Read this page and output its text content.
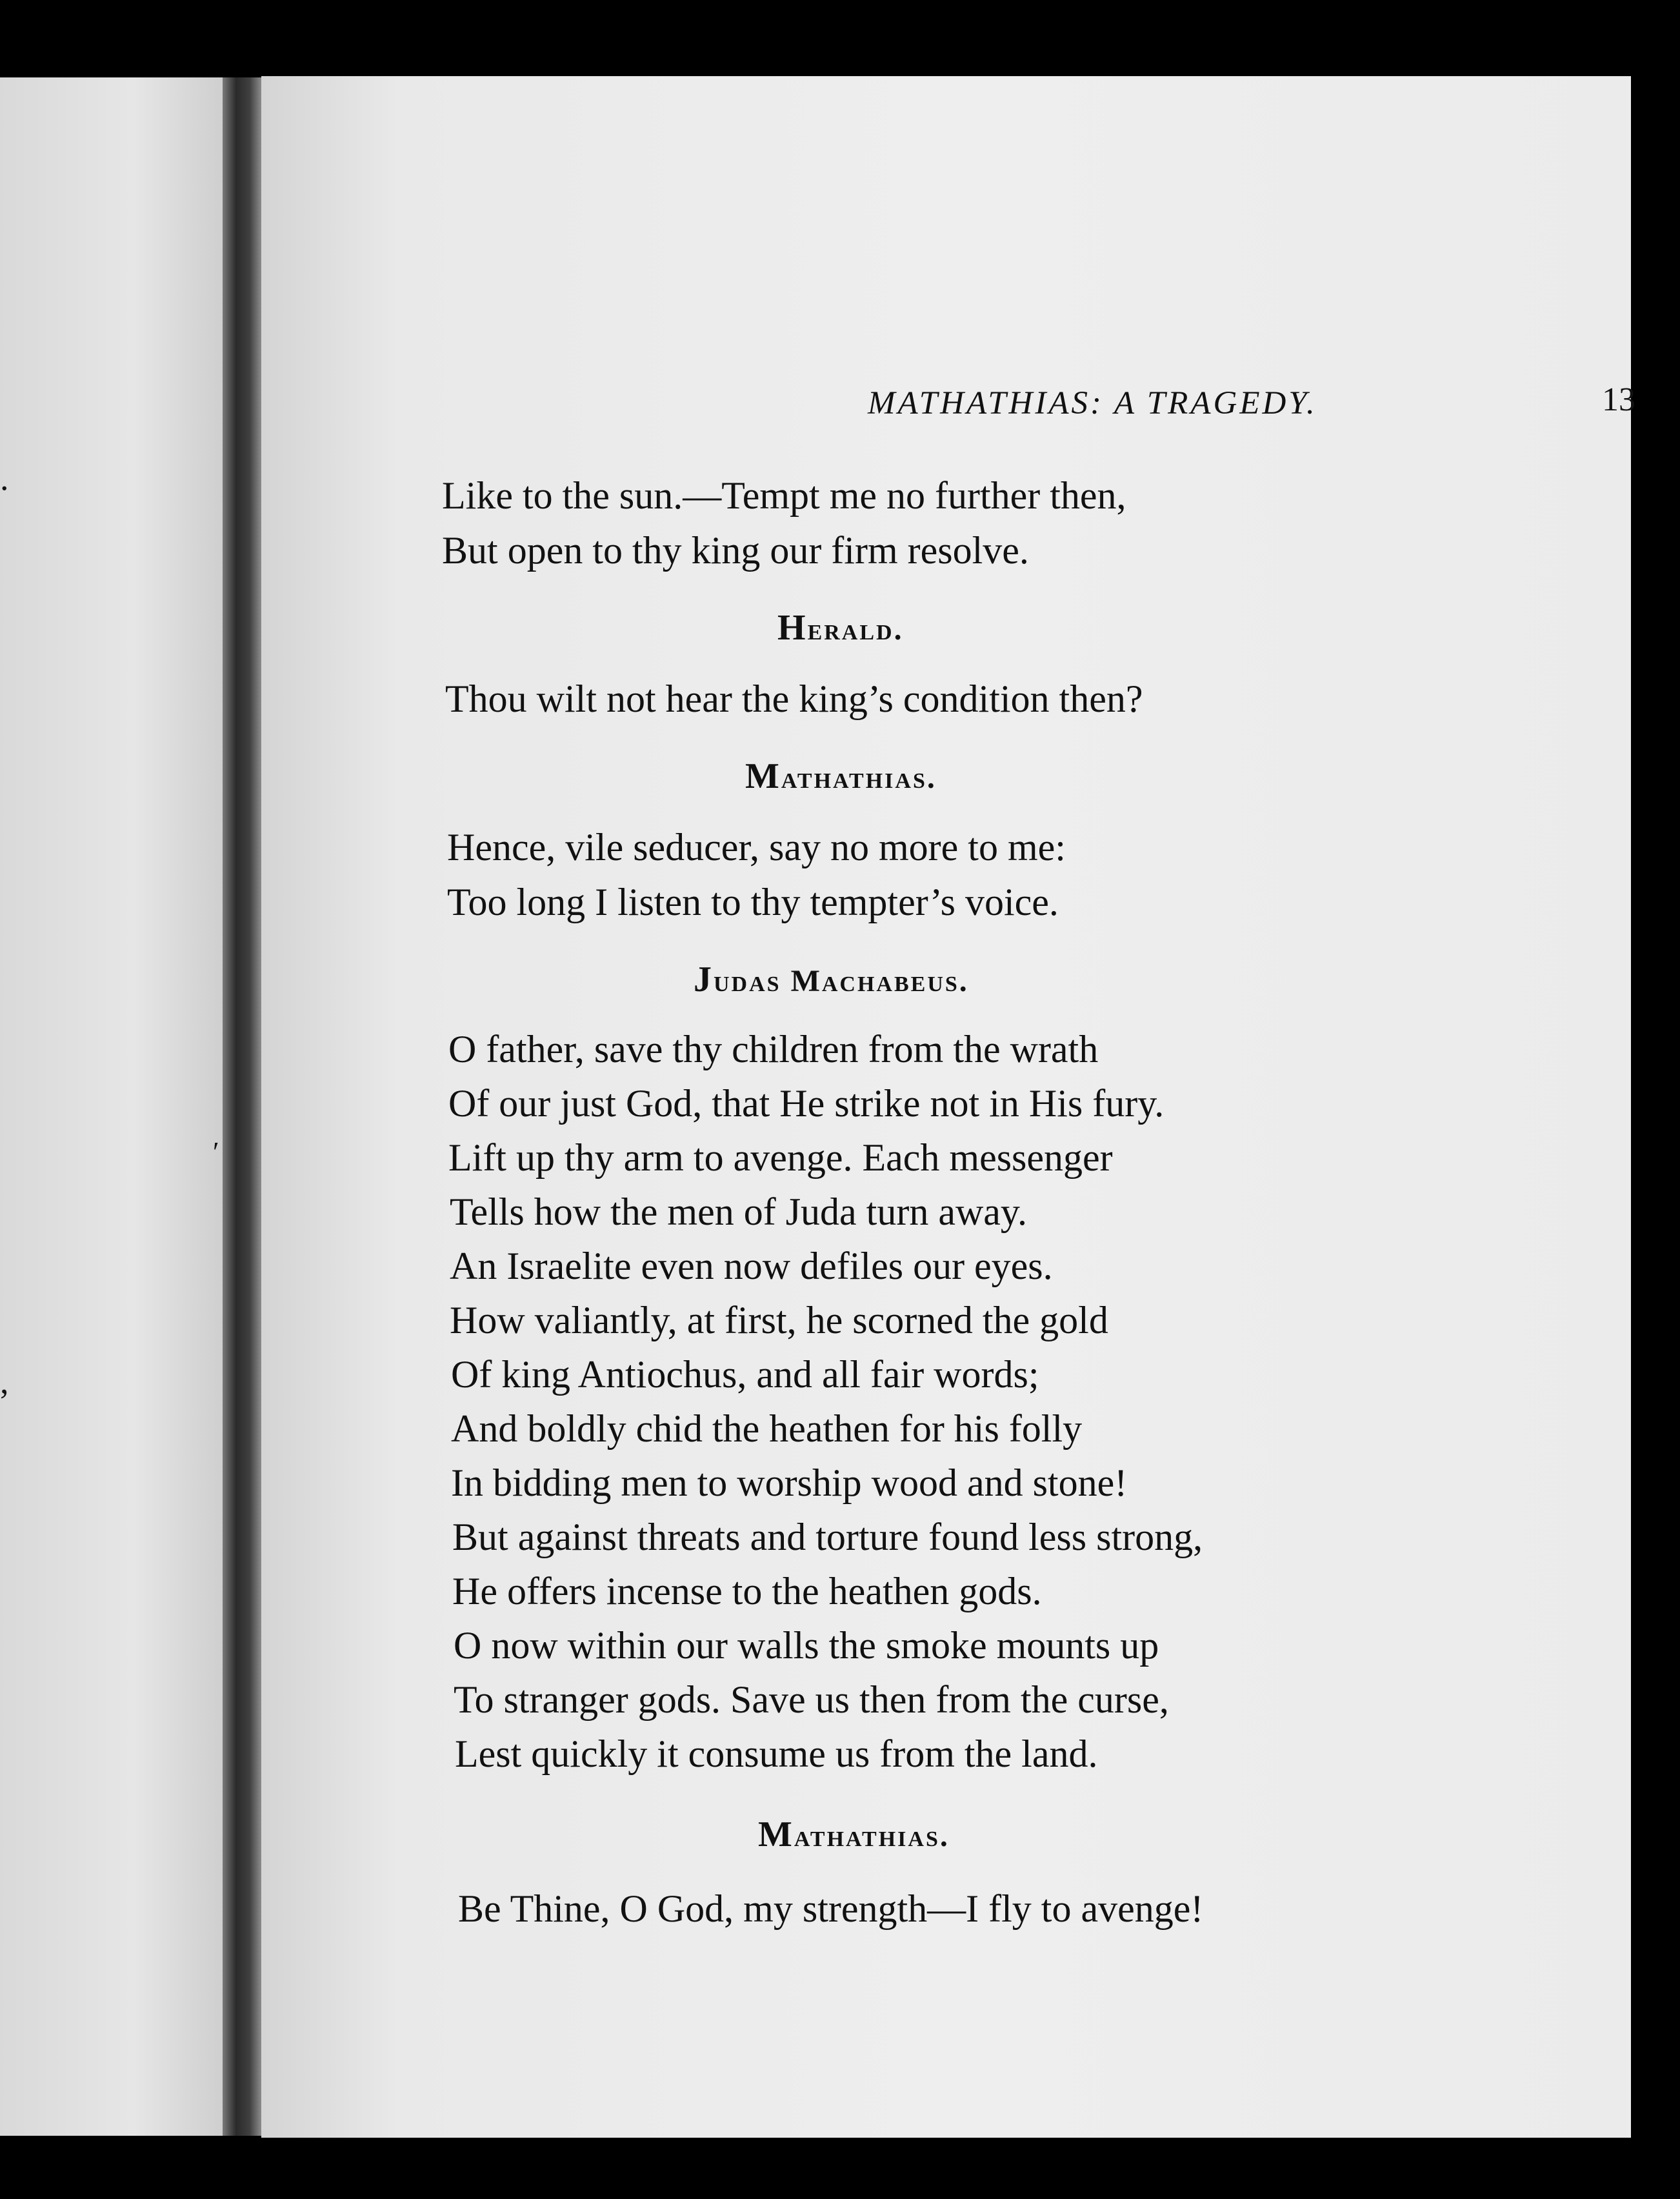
.
,
ʹ
MATHATHIAS: A TRAGEDY.	13
Like to the sun.—Tempt me no further then,
But open to thy king our firm resolve.
Herald.
Thou wilt not hear the king’s condition then?
Mathathias.
Hence, vile seducer, say no more to me:
Too long I listen to thy tempter’s voice.
Judas Machabeus.
O father, save thy children from the wrath
Of our just God, that He strike not in His fury.
Lift up thy arm to avenge. Each messenger
Tells how the men of Juda turn away.
An Israelite even now defiles our eyes.
How valiantly, at first, he scorned the gold
Of king Antiochus, and all fair words;
And boldly chid the heathen for his folly
In bidding men to worship wood and stone!
But against threats and torture found less strong,
He offers incense to the heathen gods.
O now within our walls the smoke mounts up
To stranger gods. Save us then from the curse,
Lest quickly it consume us from the land.
Mathathias.
Be Thine, O God, my strength—I fly to avenge!
